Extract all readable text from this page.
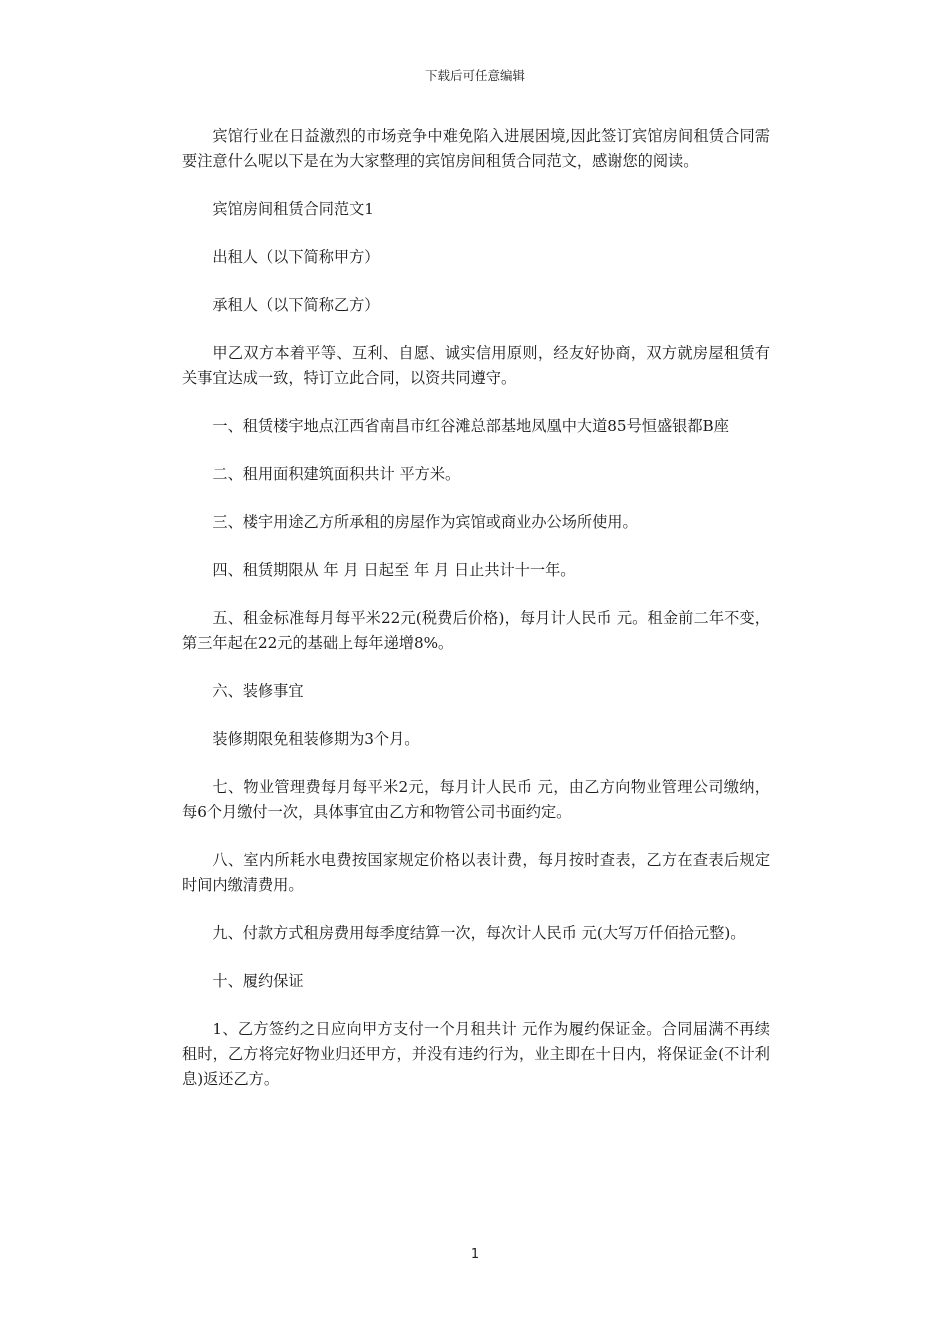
下载后可任意编辑

宾馆行业在日益激烈的市场竞争中难免陷入进展困境,因此签订宾馆房间租赁合同需要注意什么呢以下是在为大家整理的宾馆房间租赁合同范文，感谢您的阅读。

宾馆房间租赁合同范文1

出租人（以下简称甲方）

承租人（以下简称乙方）

甲乙双方本着平等、互利、自愿、诚实信用原则，经友好协商，双方就房屋租赁有关事宜达成一致，特订立此合同，以资共同遵守。

一、租赁楼宇地点江西省南昌市红谷滩总部基地凤凰中大道85号恒盛银都B座

二、租用面积建筑面积共计 平方米。

三、楼宇用途乙方所承租的房屋作为宾馆或商业办公场所使用。

四、租赁期限从 年 月 日起至 年 月 日止共计十一年。

五、租金标准每月每平米22元(税费后价格)，每月计人民币 元。租金前二年不变，第三年起在22元的基础上每年递增8%。

六、装修事宜

装修期限免租装修期为3个月。

七、物业管理费每月每平米2元，每月计人民币 元，由乙方向物业管理公司缴纳，每6个月缴付一次，具体事宜由乙方和物管公司书面约定。

八、室内所耗水电费按国家规定价格以表计费，每月按时查表，乙方在查表后规定时间内缴清费用。

九、付款方式租房费用每季度结算一次，每次计人民币 元(大写万仟佰拾元整)。

十、履约保证

1、乙方签约之日应向甲方支付一个月租共计 元作为履约保证金。合同届满不再续租时，乙方将完好物业归还甲方，并没有违约行为，业主即在十日内，将保证金(不计利息)返还乙方。

1
